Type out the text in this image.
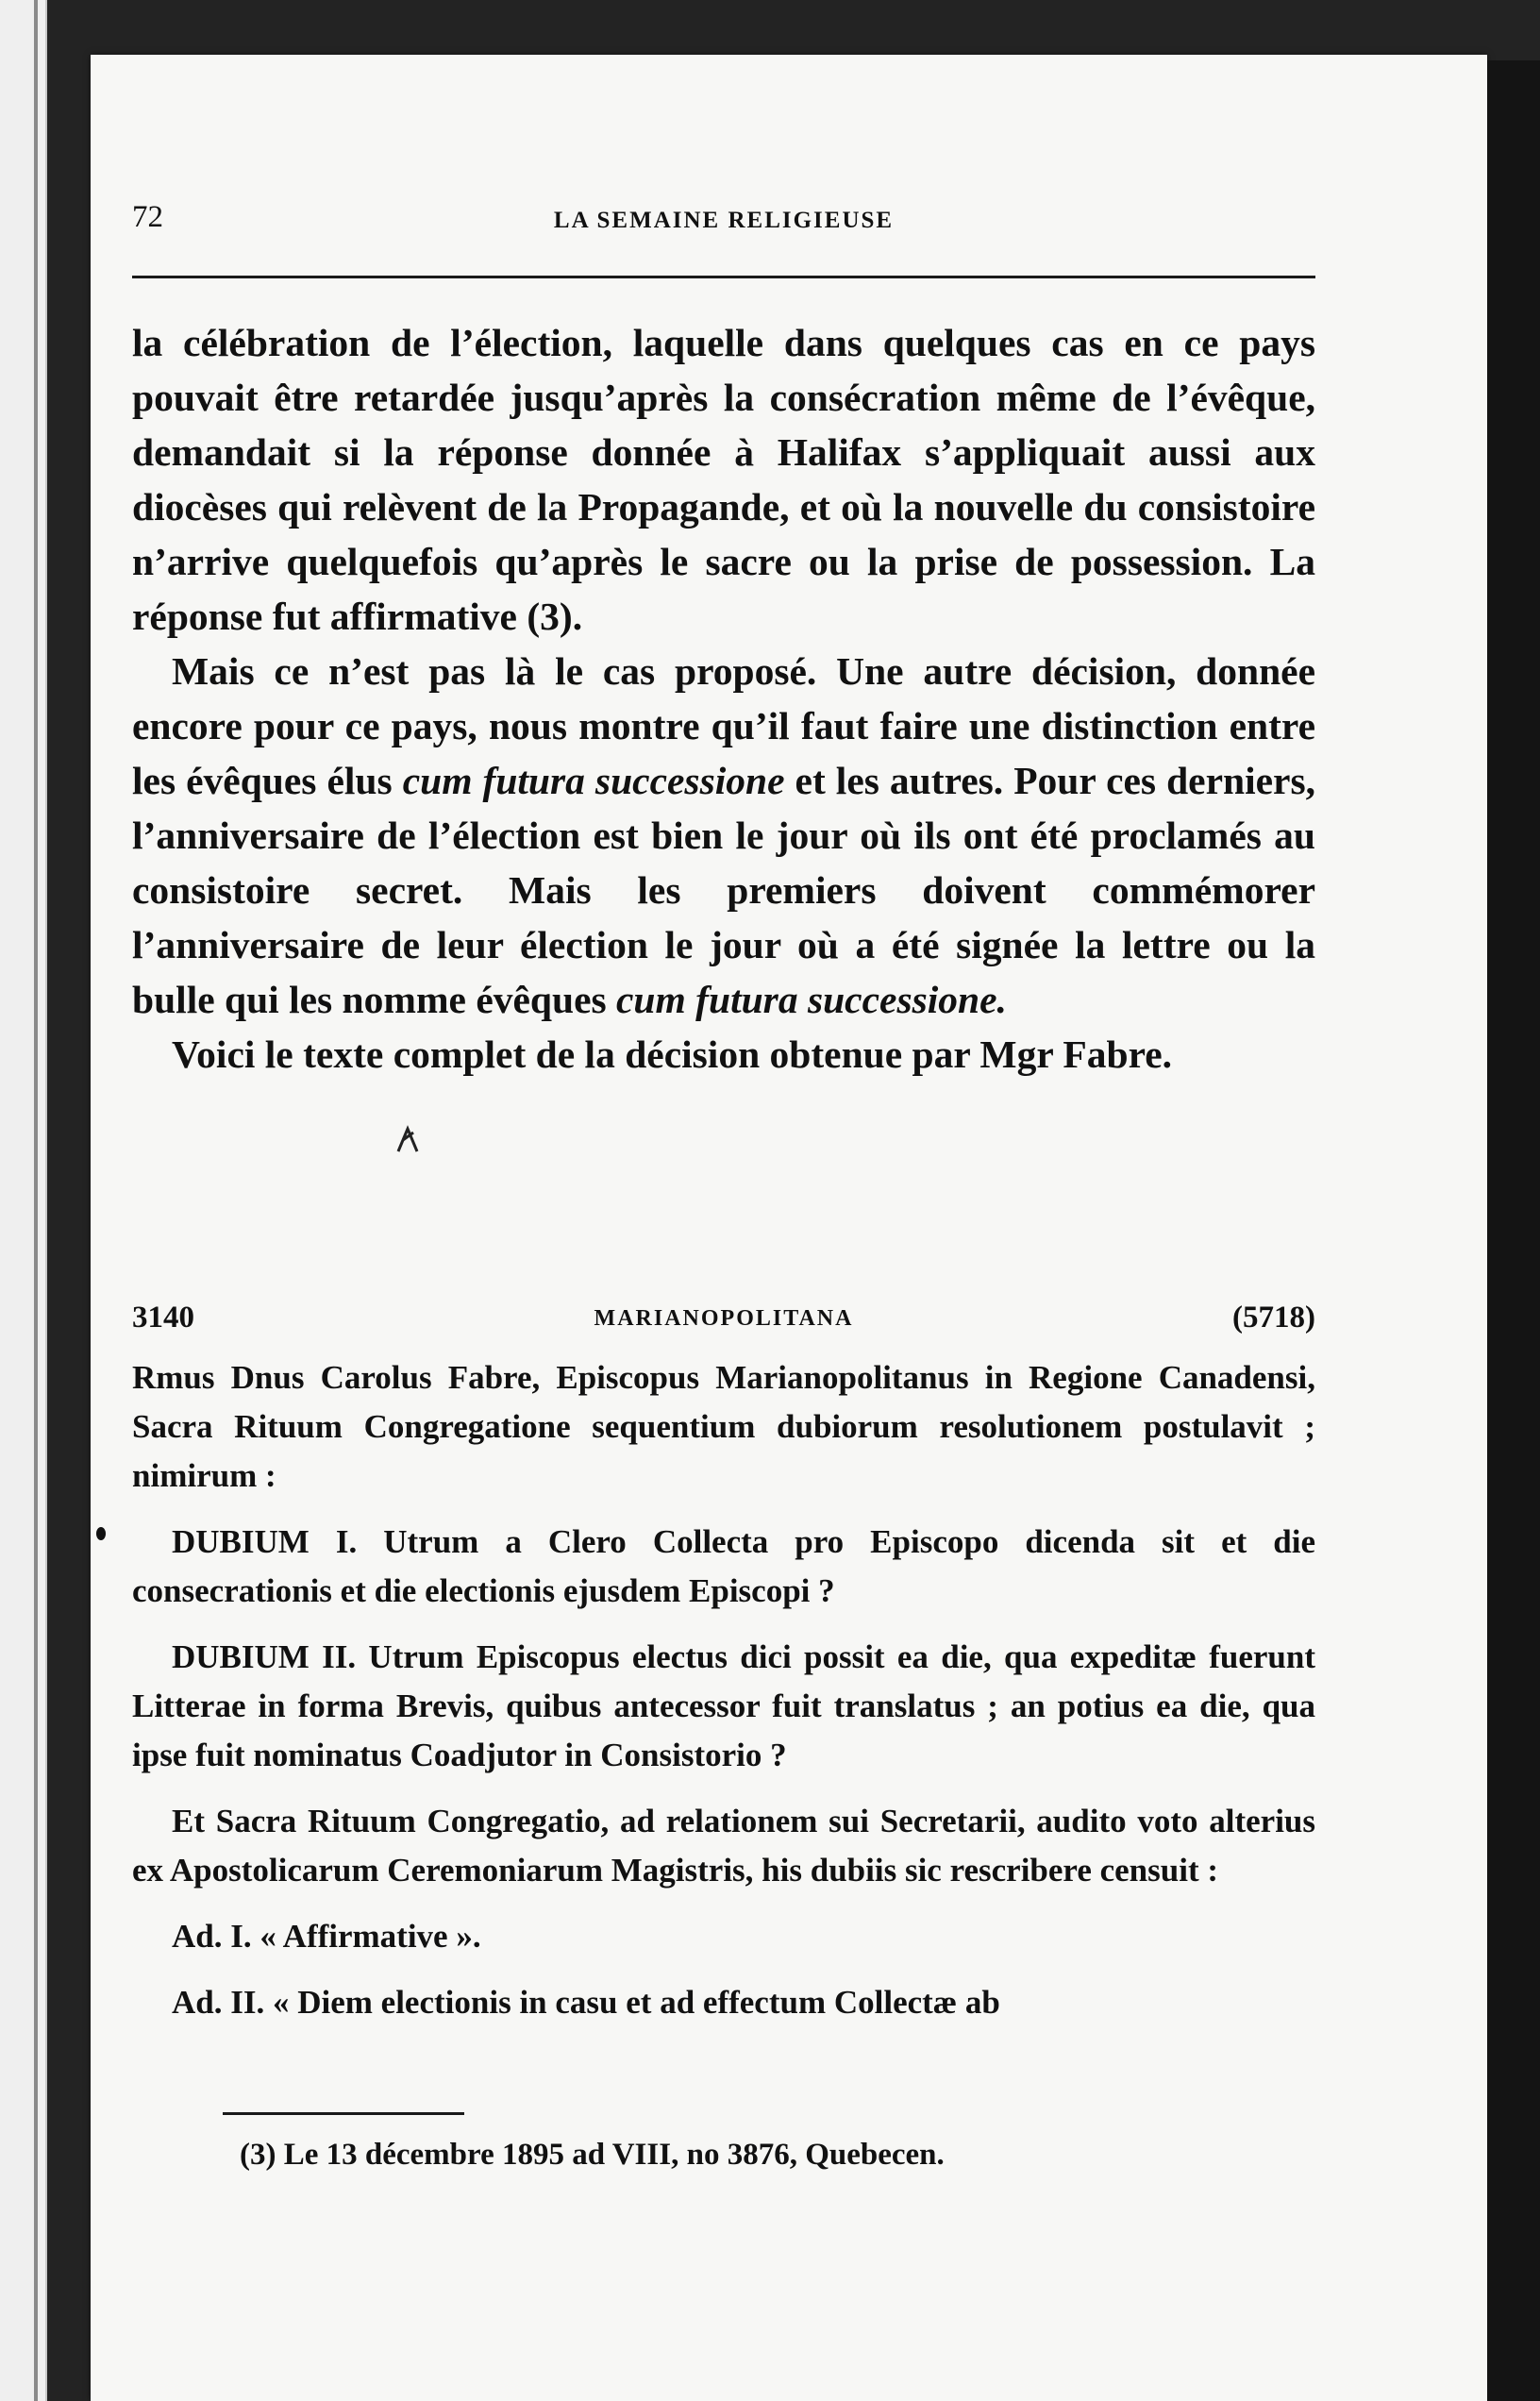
72	LA SEMAINE RELIGIEUSE

la célébration de l’élection, laquelle dans quelques cas en ce pays pouvait être retardée jusqu’après la consécration même de l’évêque, demandait si la réponse donnée à Halifax s’appliquait aussi aux diocèses qui relèvent de la Propagande, et où la nouvelle du consistoire n’arrive quelquefois qu’après le sacre ou la prise de possession. La réponse fut affirmative (3).

Mais ce n’est pas là le cas proposé. Une autre décision, donnée encore pour ce pays, nous montre qu’il faut faire une distinction entre les évêques élus cum futura successione et les autres. Pour ces derniers, l’anniversaire de l’élection est bien le jour où ils ont été proclamés au consistoire secret. Mais les premiers doivent commémorer l’anniversaire de leur élection le jour où a été signée la lettre ou la bulle qui les nomme évêques cum futura successione.

Voici le texte complet de la décision obtenue par Mgr Fabre.

3140	MARIANOPOLITANA	(5718)

Rmus Dnus Carolus Fabre, Episcopus Marianopolitanus in Regione Canadensi, Sacra Rituum Congregatione sequentium dubiorum resolutionem postulavit ; nimirum :

DUBIUM I. Utrum a Clero Collecta pro Episcopo dicenda sit et die consecrationis et die electionis ejusdem Episcopi ?

DUBIUM II. Utrum Episcopus electus dici possit ea die, qua expeditæ fuerunt Litterae in forma Brevis, quibus antecessor fuit translatus ; an potius ea die, qua ipse fuit nominatus Coadjutor in Consistorio ?

Et Sacra Rituum Congregatio, ad relationem sui Secretarii, audito voto alterius ex Apostolicarum Ceremoniarum Magistris, his dubiis sic rescribere censuit :

Ad. I. « Affirmative ».

Ad. II. « Diem electionis in casu et ad effectum Collectæ ab

(3) Le 13 décembre 1895 ad VIII, no 3876, Quebecen.
